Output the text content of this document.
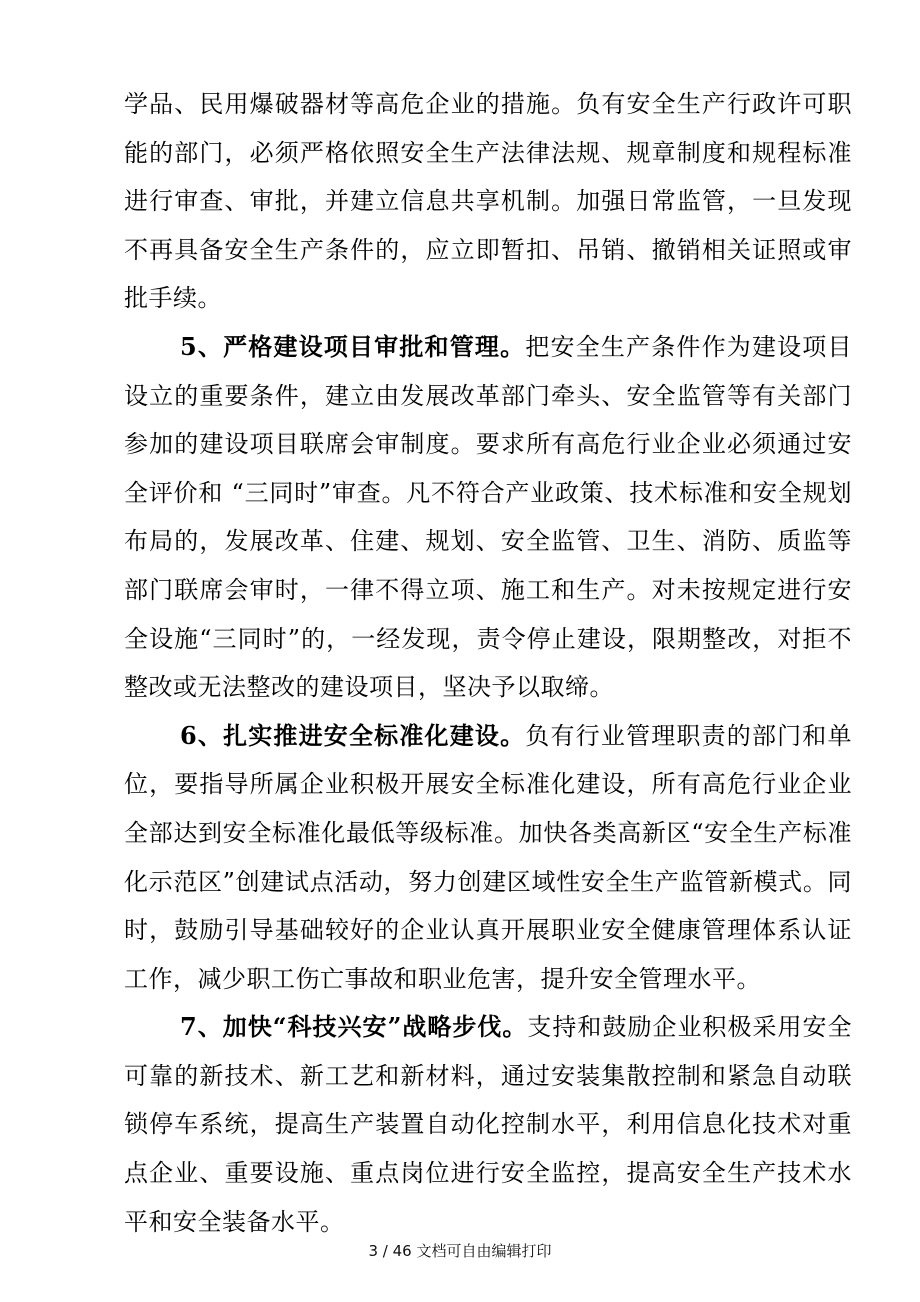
学品、民用爆破器材等高危企业的措施。负有安全生产行政许可职能的部门，必须严格依照安全生产法律法规、规章制度和规程标准进行审查、审批，并建立信息共享机制。加强日常监管，一旦发现不再具备安全生产条件的，应立即暂扣、吊销、撤销相关证照或审批手续。

5、严格建设项目审批和管理。把安全生产条件作为建设项目设立的重要条件，建立由发展改革部门牵头、安全监管等有关部门参加的建设项目联席会审制度。要求所有高危行业企业必须通过安全评价和 “三同时”审查。凡不符合产业政策、技术标准和安全规划布局的，发展改革、住建、规划、安全监管、卫生、消防、质监等部门联席会审时，一律不得立项、施工和生产。对未按规定进行安全设施“三同时”的，一经发现，责令停止建设，限期整改，对拒不整改或无法整改的建设项目，坚决予以取缔。

6、扎实推进安全标准化建设。负有行业管理职责的部门和单位，要指导所属企业积极开展安全标准化建设，所有高危行业企业全部达到安全标准化最低等级标准。加快各类高新区“安全生产标准化示范区”创建试点活动，努力创建区域性安全生产监管新模式。同时，鼓励引导基础较好的企业认真开展职业安全健康管理体系认证工作，减少职工伤亡事故和职业危害，提升安全管理水平。

7、加快“科技兴安”战略步伐。支持和鼓励企业积极采用安全可靠的新技术、新工艺和新材料，通过安装集散控制和紧急自动联锁停车系统，提高生产装置自动化控制水平，利用信息化技术对重点企业、重要设施、重点岗位进行安全监控，提高安全生产技术水平和安全装备水平。

3 / 46 文档可自由编辑打印
